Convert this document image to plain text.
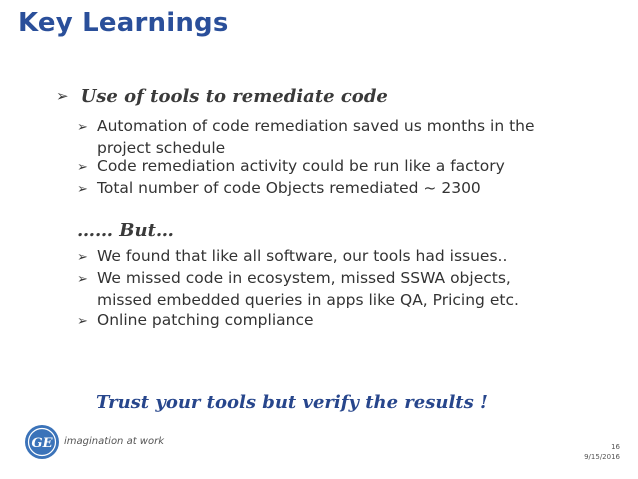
Key Learnings
➢ Use of tools to remediate code
➢ Automation of code remediation saved us months in the project schedule
➢ Code remediation activity could be run like a factory
➢ Total number of code Objects remediated ~ 2300
…… But…
➢ We found that like all software, our tools had issues..
➢ We missed code in ecosystem, missed SSWA objects, missed embedded queries in apps like QA, Pricing etc.
➢ Online patching compliance
Trust your tools but verify the results !
GE imagination at work	16
9/15/2016
